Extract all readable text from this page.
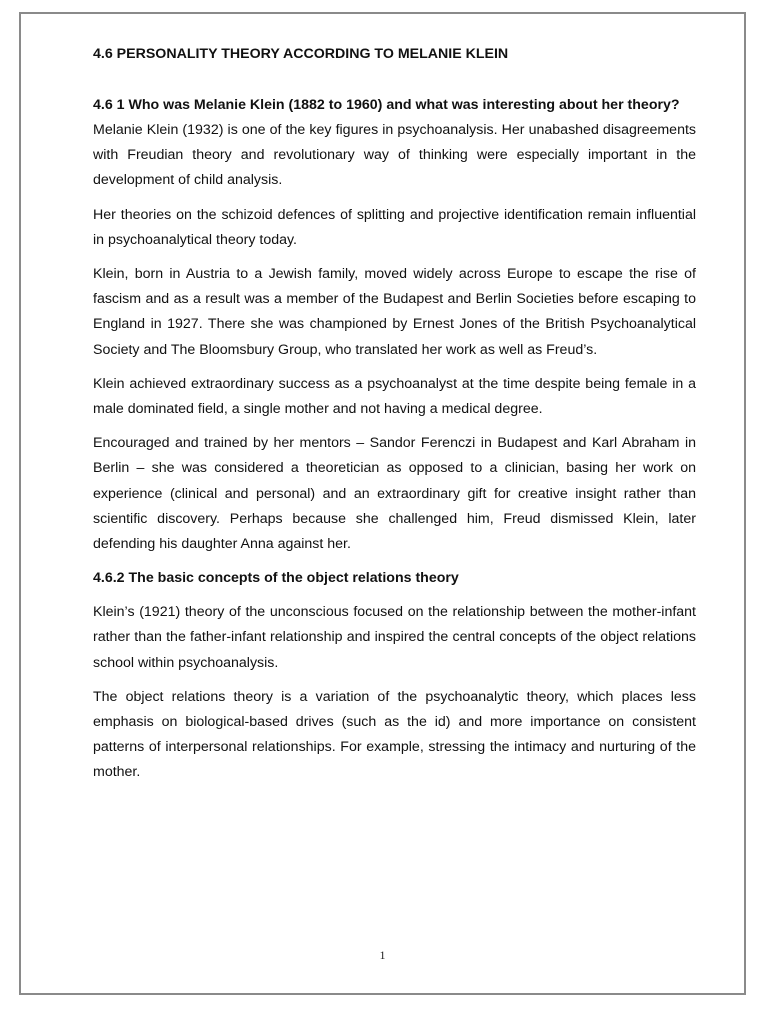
4.6 PERSONALITY THEORY ACCORDING TO MELANIE KLEIN
4.6 1 Who was Melanie Klein (1882 to 1960) and what was interesting about her theory?

Melanie Klein (1932) is one of the key figures in psychoanalysis. Her unabashed disagreements with Freudian theory and revolutionary way of thinking were especially important in the development of child analysis.

Her theories on the schizoid defences of splitting and projective identification remain influential in psychoanalytical theory today.

Klein, born in Austria to a Jewish family, moved widely across Europe to escape the rise of fascism and as a result was a member of the Budapest and Berlin Societies before escaping to England in 1927. There she was championed by Ernest Jones of the British Psychoanalytical Society and The Bloomsbury Group, who translated her work as well as Freud’s.

Klein achieved extraordinary success as a psychoanalyst at the time despite being female in a male dominated field, a single mother and not having a medical degree.

Encouraged and trained by her mentors – Sandor Ferenczi in Budapest and Karl Abraham in Berlin – she was considered a theoretician as opposed to a clinician, basing her work on experience (clinical and personal) and an extraordinary gift for creative insight rather than scientific discovery. Perhaps because she challenged him, Freud dismissed Klein, later defending his daughter Anna against her.

4.6.2 The basic concepts of the object relations theory

Klein’s (1921) theory of the unconscious focused on the relationship between the mother-infant rather than the father-infant relationship and inspired the central concepts of the object relations school within psychoanalysis.

The object relations theory is a variation of the psychoanalytic theory, which places less emphasis on biological-based drives (such as the id) and more importance on consistent patterns of interpersonal relationships. For example, stressing the intimacy and nurturing of the mother.

1
